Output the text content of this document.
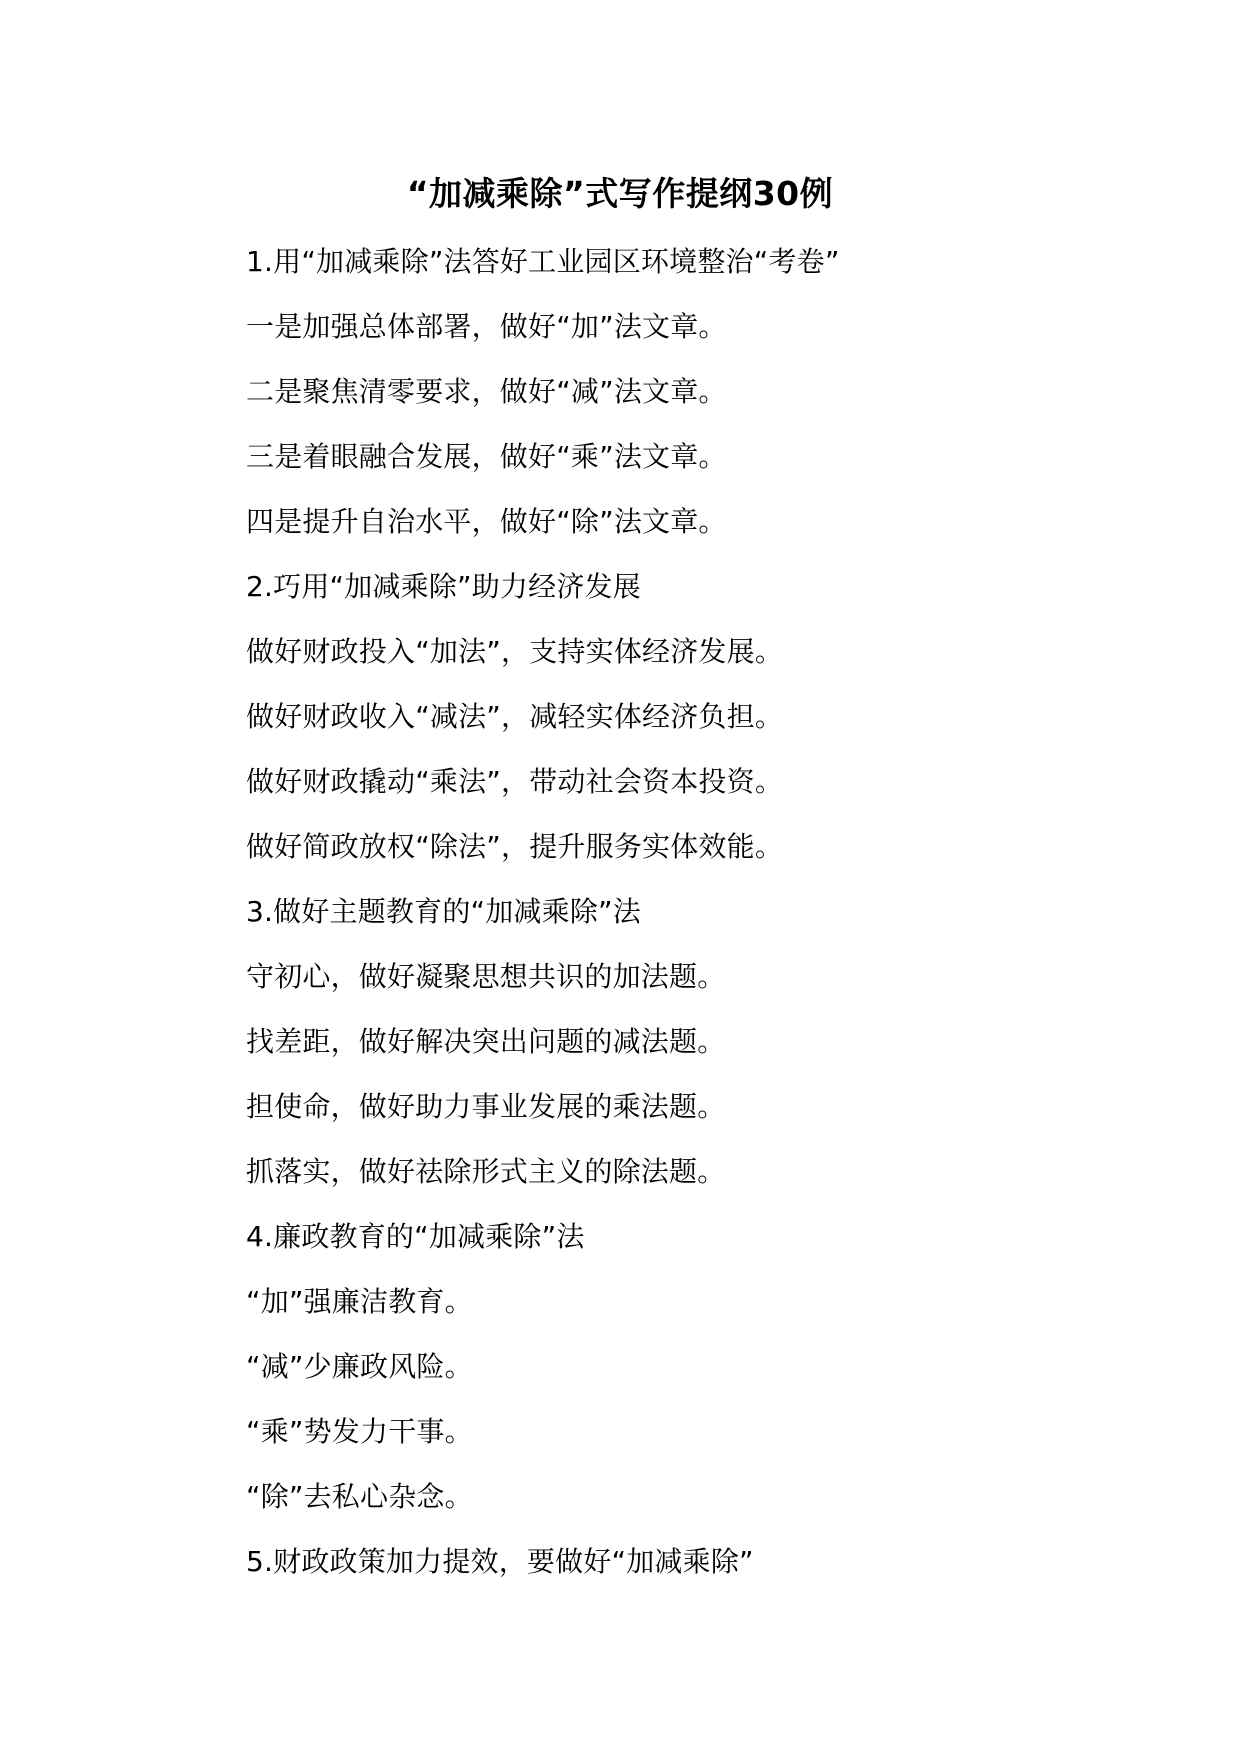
“加减乘除”式写作提纲30例
1.用“加减乘除”法答好工业园区环境整治“考卷”
一是加强总体部署，做好“加”法文章。
二是聚焦清零要求，做好“减”法文章。
三是着眼融合发展，做好“乘”法文章。
四是提升自治水平，做好“除”法文章。
2.巧用“加减乘除”助力经济发展
做好财政投入“加法”，支持实体经济发展。
做好财政收入“减法”，减轻实体经济负担。
做好财政撬动“乘法”，带动社会资本投资。
做好简政放权“除法”，提升服务实体效能。
3.做好主题教育的“加减乘除”法
守初心，做好凝聚思想共识的加法题。
找差距，做好解决突出问题的减法题。
担使命，做好助力事业发展的乘法题。
抓落实，做好祛除形式主义的除法题。
4.廉政教育的“加减乘除”法
“加”强廉洁教育。
“减”少廉政风险。
“乘”势发力干事。
“除”去私心杂念。
5.财政政策加力提效，要做好“加减乘除”
